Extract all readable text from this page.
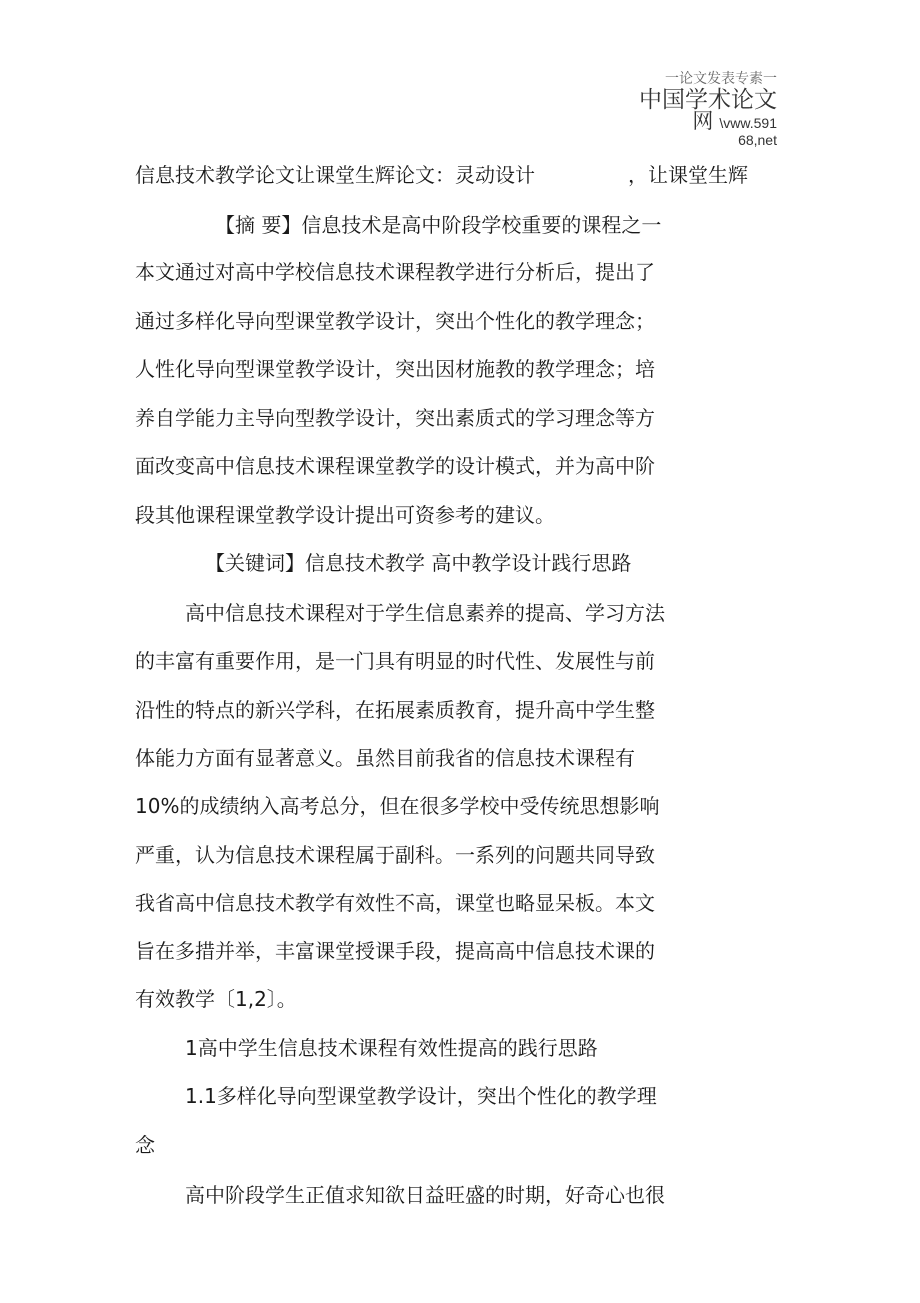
一论文发表专素一
中国学术论文
网 \vww.591
68,net
信息技术教学论文让课堂生辉论文：灵动设计	，让课堂生辉
【摘 要】信息技术是高中阶段学校重要的课程之一
本文通过对高中学校信息技术课程教学进行分析后，提出了
通过多样化导向型课堂教学设计，突出个性化的教学理念；
人性化导向型课堂教学设计，突出因材施教的教学理念；培
养自学能力主导向型教学设计，突出素质式的学习理念等方
面改变高中信息技术课程课堂教学的设计模式，并为高中阶
段其他课程课堂教学设计提出可资参考的建议。
【关键词】信息技术教学 高中教学设计践行思路
高中信息技术课程对于学生信息素养的提高、学习方法
的丰富有重要作用，是一门具有明显的时代性、发展性与前
沿性的特点的新兴学科，在拓展素质教育，提升高中学生整
体能力方面有显著意义。虽然目前我省的信息技术课程有
10%的成绩纳入高考总分，但在很多学校中受传统思想影响
严重，认为信息技术课程属于副科。一系列的问题共同导致
我省高中信息技术教学有效性不高，课堂也略显呆板。本文
旨在多措并举，丰富课堂授课手段，提高高中信息技术课的
有效教学〔1,2〕。
1高中学生信息技术课程有效性提高的践行思路
1.1多样化导向型课堂教学设计，突出个性化的教学理
念
高中阶段学生正值求知欲日益旺盛的时期，好奇心也很
